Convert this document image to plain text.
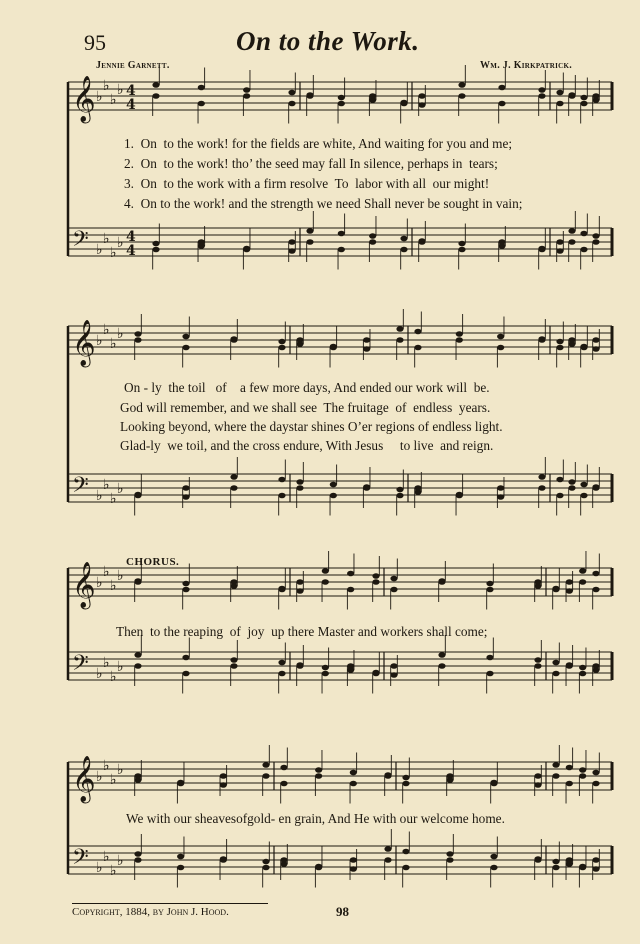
95	On to the Work.
Jennie Garnett.	Wm. J. Kirkpatrick.
𝄞 ♭
♭
♭
♭ 4
4
𝄢 ♭
♭
♭
♭ 4
4
𝄞 ♭
♭
♭
♭
𝄢 ♭
♭
♭
♭
𝄞 ♭
♭
♭
♭
𝄢 ♭
♭
♭
♭
𝄞 ♭
♭
♭
♭
𝄢 ♭
♭
♭
♭
1.  On  to the work! for the fields are white, And waiting for you and me;
2.  On  to the work! tho’ the seed may fall In silence, perhaps in  tears;
3.  On  to the work with a firm resolve  To  labor with all  our might!
4.  On to the work! and the strength we need Shall never be sought in vain;
On - ly  the toil   of    a few more days, And ended our work will  be.
God will remember, and we shall see  The fruitage  of  endless  years.
Looking beyond, where the daystar shines O’er regions of endless light.
Glad-ly  we toil, and the cross endure, With Jesus     to live  and reign.
CHORUS.
Then  to the reaping  of  joy  up there Master and workers shall come;
We with our sheavesofgold- en grain, And He with our welcome home.
Copyright, 1884, by John J. Hood.	98
